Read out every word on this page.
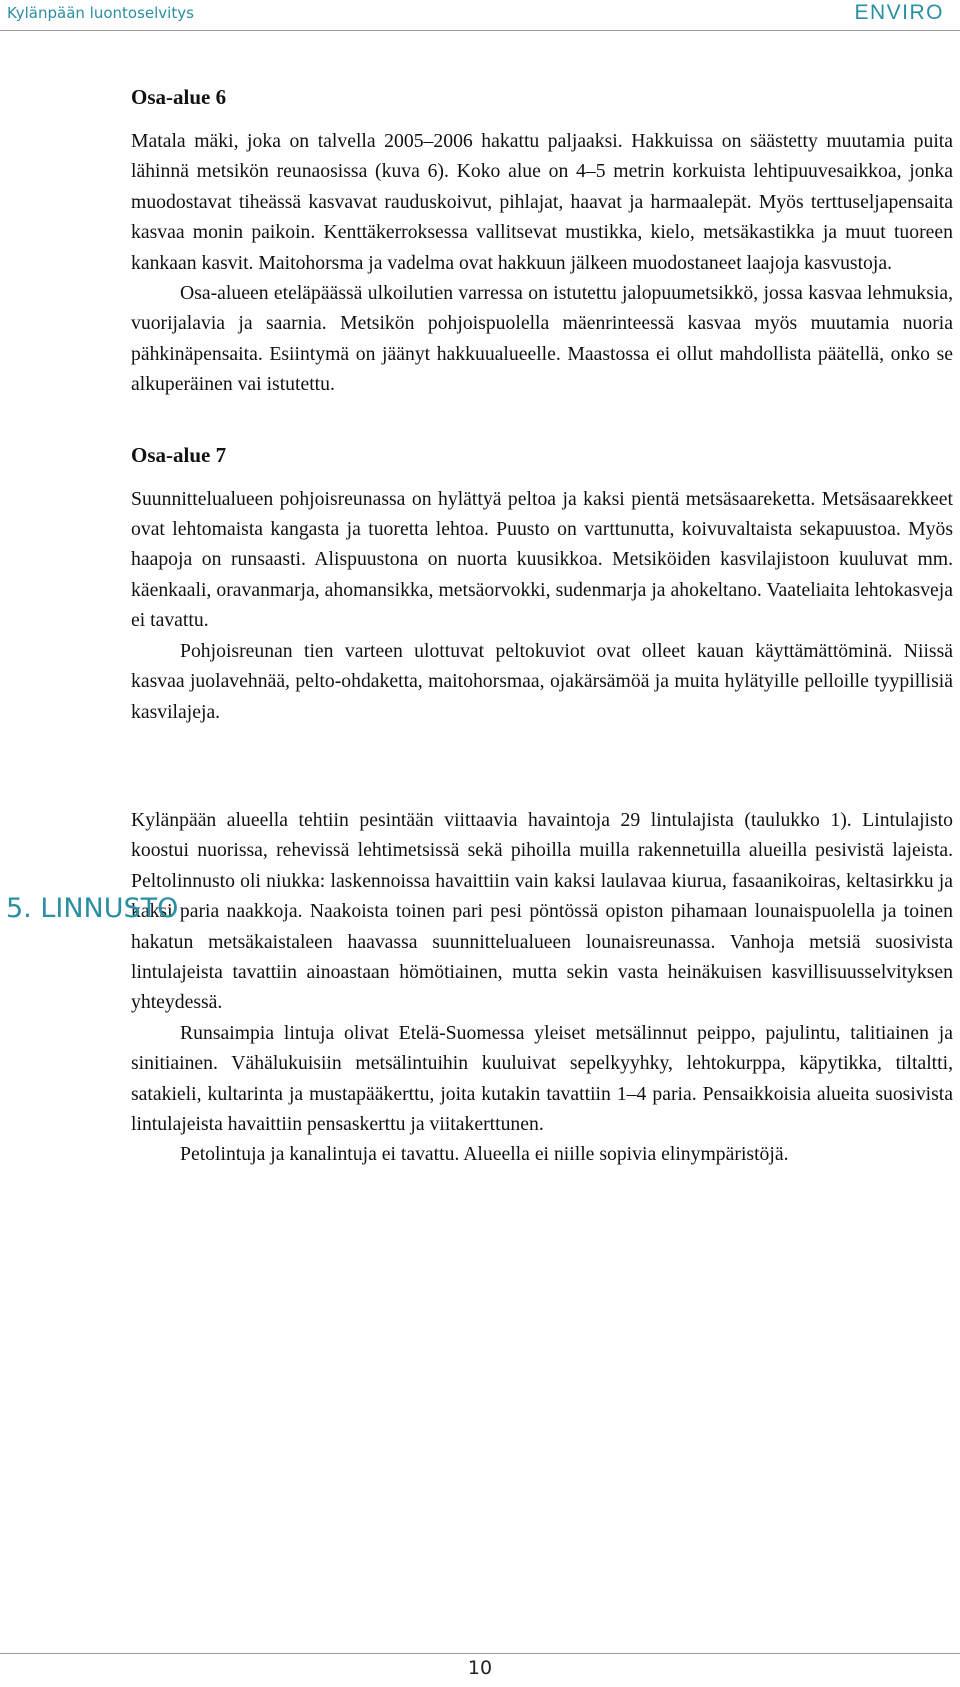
Kylänpään luontoselvitys	ENVIRO
Osa-alue 6

Matala mäki, joka on talvella 2005–2006 hakattu paljaaksi. Hakkuissa on säästetty muutamia puita lähinnä metsikön reunaosissa (kuva 6). Koko alue on 4–5 metrin korkuista lehtipuuvesaikkoa, jonka muodostavat tiheässä kasvavat rauduskoivut, pihlajat, haavat ja harmaalepät. Myös terttuseljapensaita kasvaa monin paikoin. Kenttäkerroksessa vallitsevat mustikka, kielo, metsäkastikka ja muut tuoreen kankaan kasvit. Maitohorsma ja vadelma ovat hakkuun jälkeen muodostaneet laajoja kasvustoja.

Osa-alueen eteläpäässä ulkoilutien varressa on istutettu jalopuumetsikkö, jossa kasvaa lehmuksia, vuorijalavia ja saarnia. Metsikön pohjoispuolella mäenrinteessä kasvaa myös muutamia nuoria pähkinäpensaita. Esiintymä on jäänyt hakkuualueelle. Maastossa ei ollut mahdollista päätellä, onko se alkuperäinen vai istutettu.

Osa-alue 7

Suunnittelualueen pohjoisreunassa on hylättyä peltoa ja kaksi pientä metsäsaareketta. Metsäsaarekkeet ovat lehtomaista kangasta ja tuoretta lehtoa. Puusto on varttunutta, koivuvaltaista sekapuustoa. Myös haapoja on runsaasti. Alispuustona on nuorta kuusikkoa. Metsiköiden kasvilajistoon kuuluvat mm. käenkaali, oravanmarja, ahomansikka, metsäorvokki, sudenmarja ja ahokeltano. Vaateliaita lehtokasveja ei tavattu.

Pohjoisreunan tien varteen ulottuvat peltokuviot ovat olleet kauan käyttämättöminä. Niissä kasvaa juolavehnää, pelto-ohdaketta, maitohorsmaa, ojakärsämöä ja muita hylätyille pelloille tyypillisiä kasvilajeja.

Kylänpään alueella tehtiin pesintään viittaavia havaintoja 29 lintulajista (taulukko 1). Lintulajisto koostui nuorissa, rehevissä lehtimetsissä sekä pihoilla muilla rakennetuilla alueilla pesivistä lajeista. Peltolinnusto oli niukka: laskennoissa havaittiin vain kaksi laulavaa kiurua, fasaanikoiras, keltasirkku ja kaksi paria naakkoja. Naakoista toinen pari pesi pöntössä opiston pihamaan lounaispuolella ja toinen hakatun metsäkaistaleen haavassa suunnittelualueen lounaisreunassa. Vanhoja metsiä suosivista lintulajeista tavattiin ainoastaan hömötiainen, mutta sekin vasta heinäkuisen kasvillisuusselvityksen yhteydessä.

Runsaimpia lintuja olivat Etelä-Suomessa yleiset metsälinnut peippo, pajulintu, talitiainen ja sinitiainen. Vähälukuisiin metsälintuihin kuuluivat sepelkyyhky, lehtokurppa, käpytikka, tiltaltti, satakieli, kultarinta ja mustapääkerttu, joita kutakin tavattiin 1–4 paria. Pensaikkoisia alueita suosivista lintulajeista havaittiin pensaskerttu ja viitakerttunen.

Petolintuja ja kanalintuja ei tavattu. Alueella ei niille sopivia elinympäristöjä.

5. LINNUSTO
10
